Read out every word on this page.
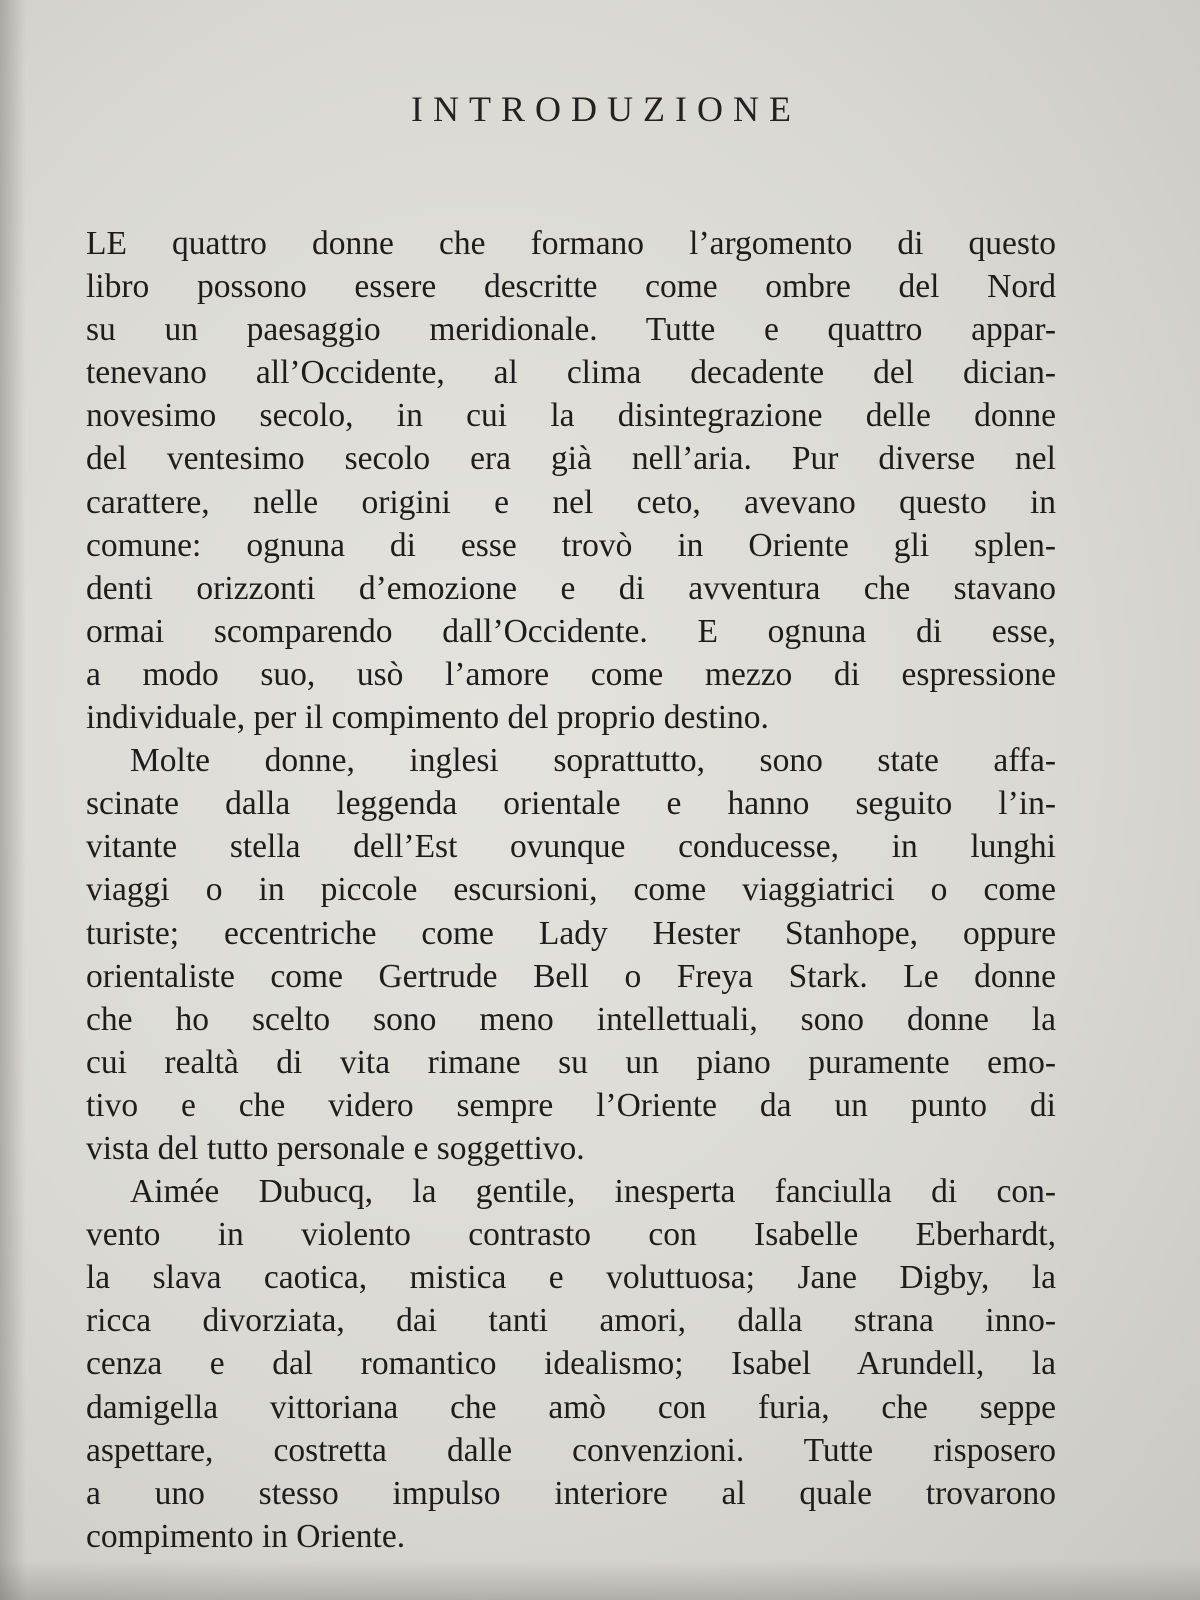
INTRODUZIONE
LE quattro donne che formano l’argomento di questo
libro possono essere descritte come ombre del Nord
su un paesaggio meridionale. Tutte e quattro appar-
tenevano all’Occidente, al clima decadente del dician-
novesimo secolo, in cui la disintegrazione delle donne
del ventesimo secolo era già nell’aria. Pur diverse nel
carattere, nelle origini e nel ceto, avevano questo in
comune: ognuna di esse trovò in Oriente gli splen-
denti orizzonti d’emozione e di avventura che stavano
ormai scomparendo dall’Occidente. E ognuna di esse,
a modo suo, usò l’amore come mezzo di espressione
individuale, per il compimento del proprio destino.
Molte donne, inglesi soprattutto, sono state affa-
scinate dalla leggenda orientale e hanno seguito l’in-
vitante stella dell’Est ovunque conducesse, in lunghi
viaggi o in piccole escursioni, come viaggiatrici o come
turiste; eccentriche come Lady Hester Stanhope, oppure
orientaliste come Gertrude Bell o Freya Stark. Le donne
che ho scelto sono meno intellettuali, sono donne la
cui realtà di vita rimane su un piano puramente emo-
tivo e che videro sempre l’Oriente da un punto di
vista del tutto personale e soggettivo.
Aimée Dubucq, la gentile, inesperta fanciulla di con-
vento in violento contrasto con Isabelle Eberhardt,
la slava caotica, mistica e voluttuosa; Jane Digby, la
ricca divorziata, dai tanti amori, dalla strana inno-
cenza e dal romantico idealismo; Isabel Arundell, la
damigella vittoriana che amò con furia, che seppe
aspettare, costretta dalle convenzioni. Tutte risposero
a uno stesso impulso interiore al quale trovarono
compimento in Oriente.
